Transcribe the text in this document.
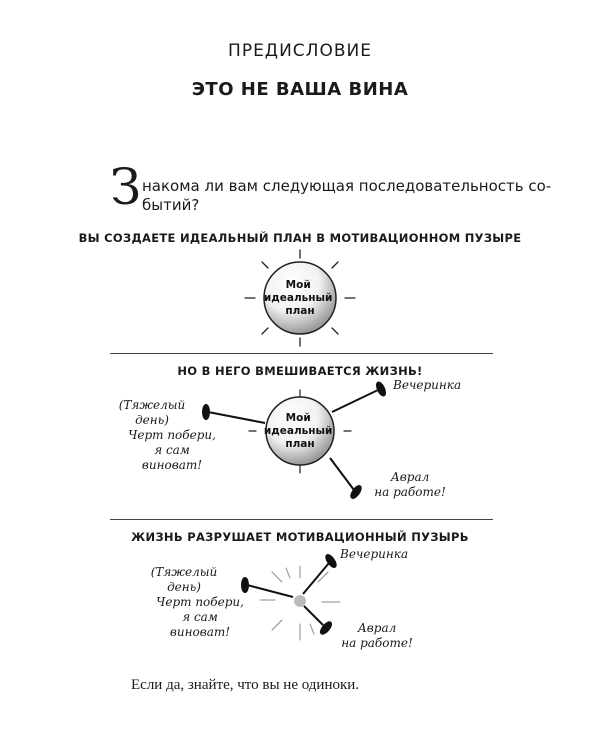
ПРЕДИСЛОВИЕ
ЭТО НЕ ВАША ВИНА
З накома ли вам следующая последовательность со-
бытий?
ВЫ СОЗДАЕТЕ ИДЕАЛЬНЫЙ ПЛАН В МОТИВАЦИОННОМ ПУЗЫРЕ
НО В НЕГО ВМЕШИВАЕТСЯ ЖИЗНЬ!
ЖИЗНЬ РАЗРУШАЕТ МОТИВАЦИОННЫЙ ПУЗЫРЬ
Мой идеальный план
Мой идеальный план
(Тяжелый
день)
Черт побери,
я сам
виноват!
Вечеринка
Аврал
на работе!
(Тяжелый
день)
Черт побери,
я сам
виноват!
Вечеринка
Аврал
на работе!
Если да, знайте, что вы не одиноки.
